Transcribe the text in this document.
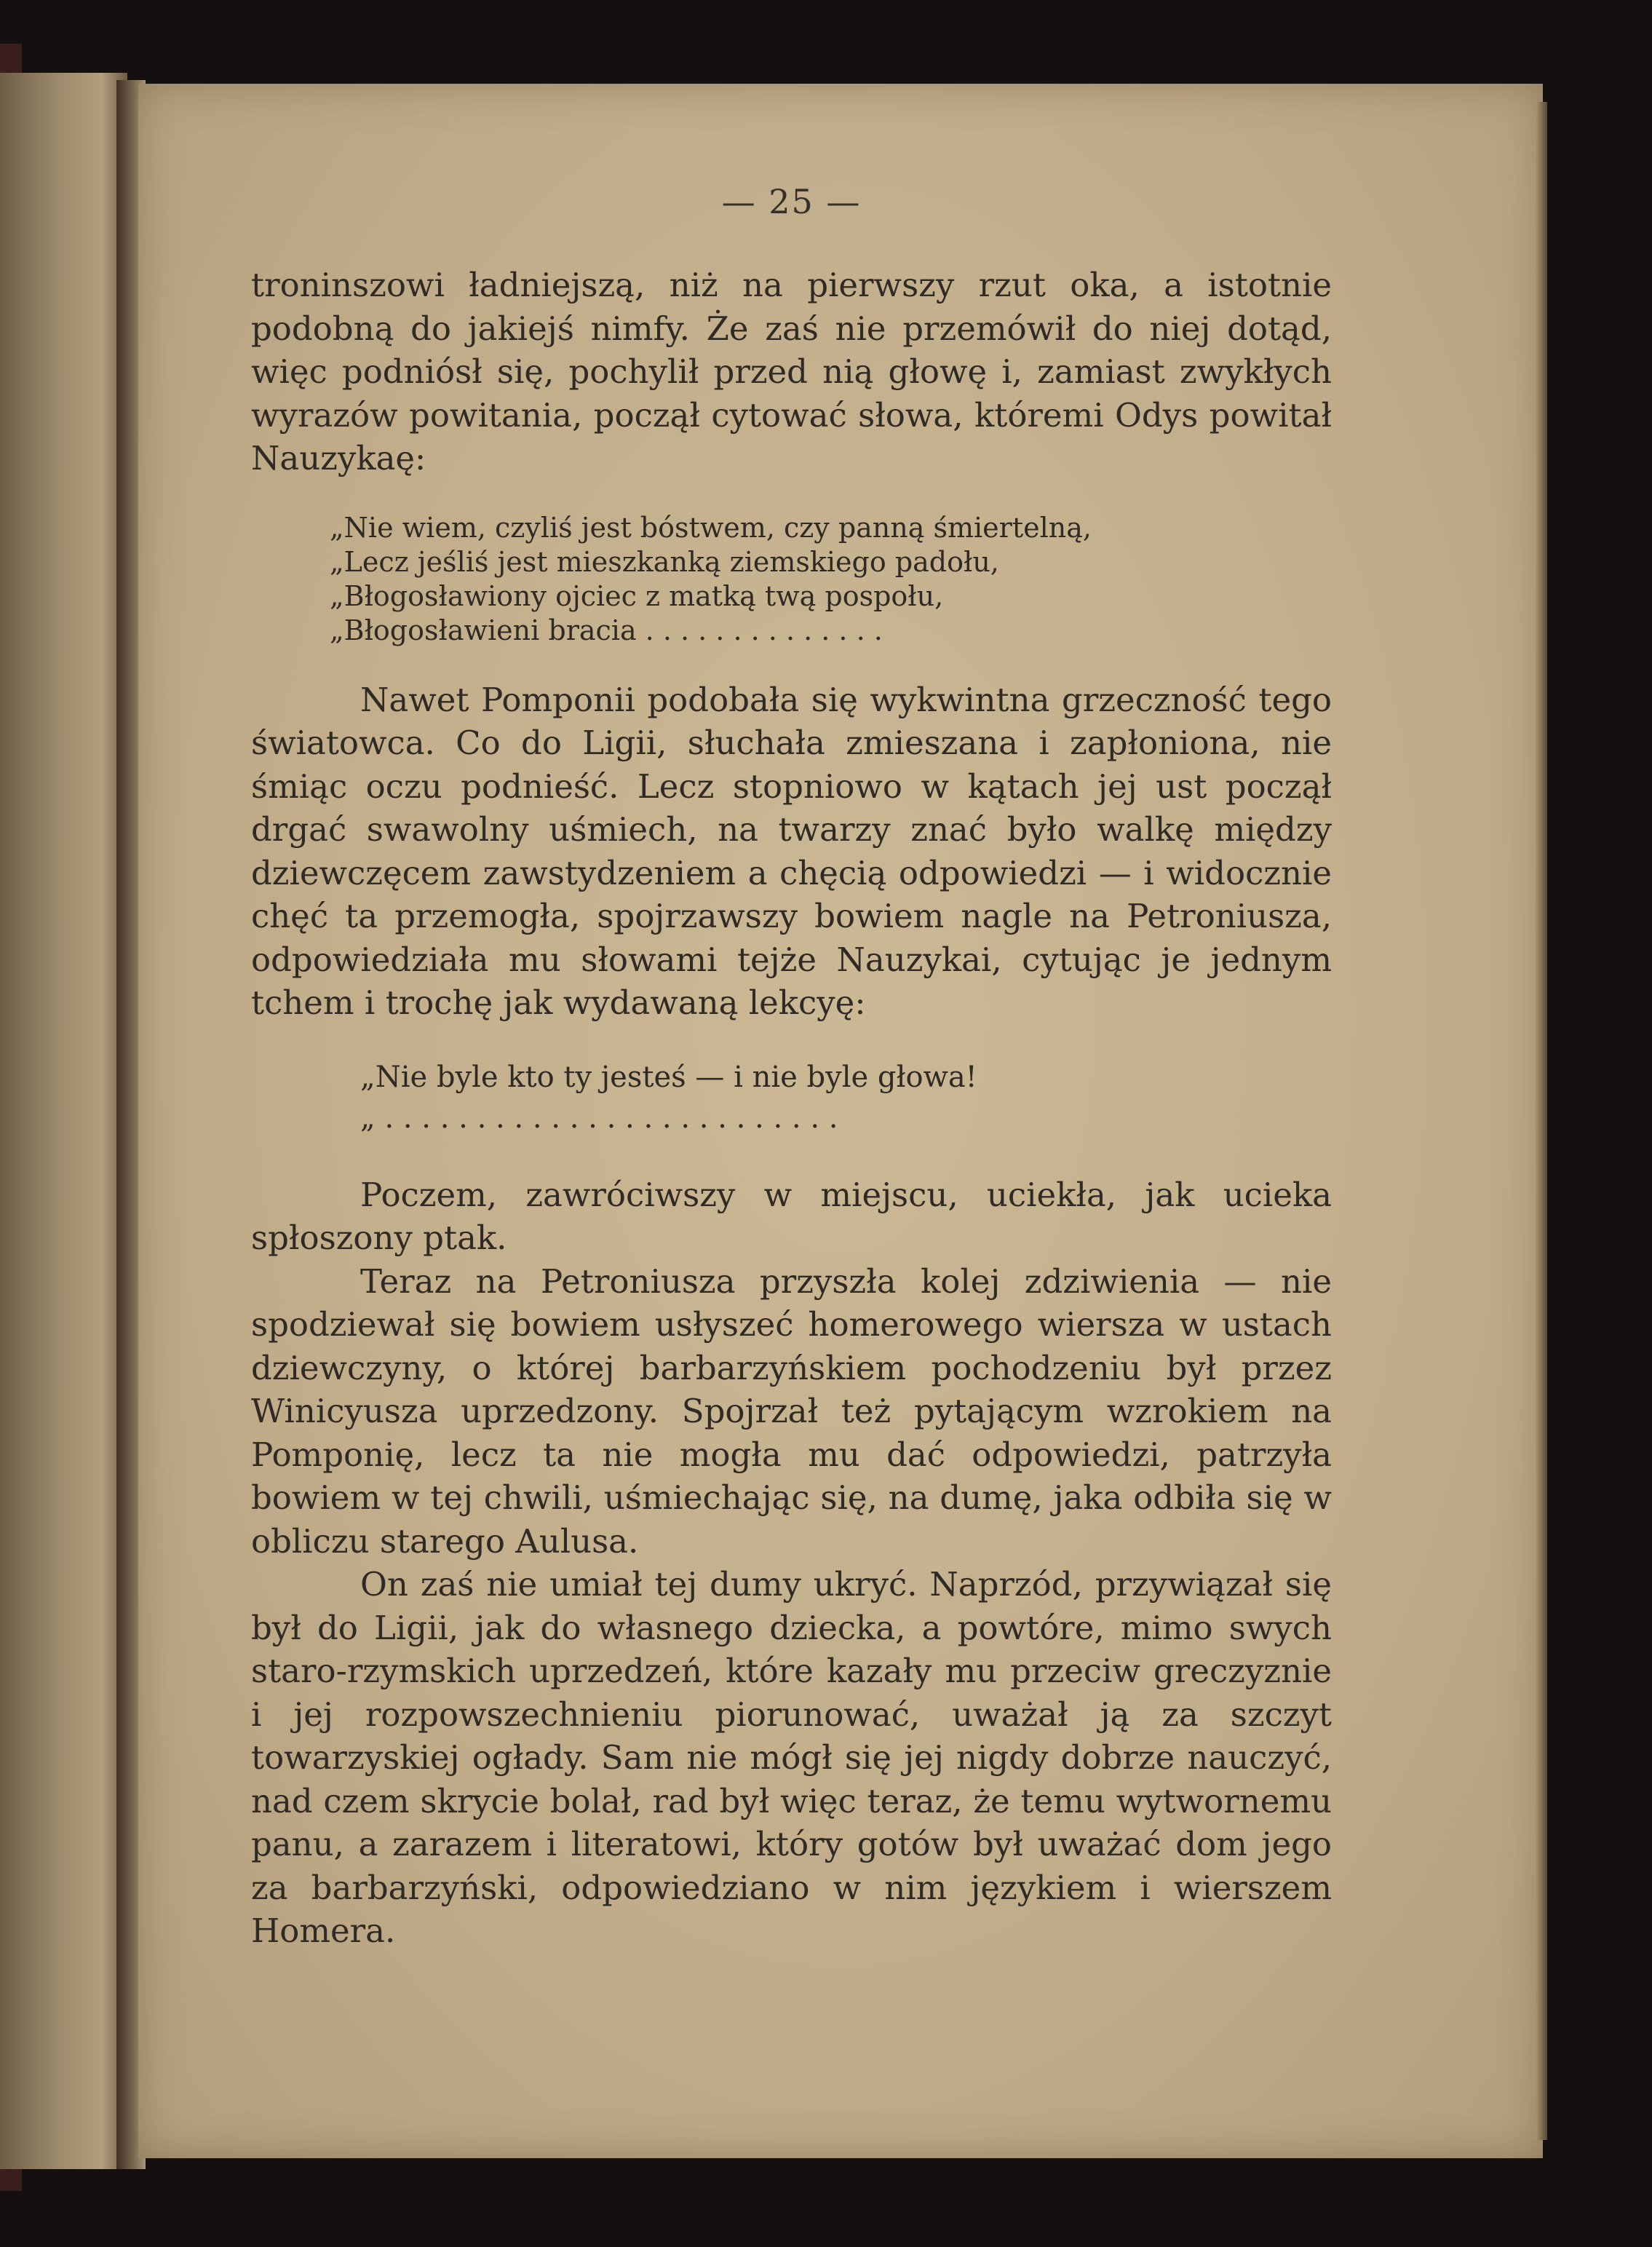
— 25 —

troninszowi ładniejszą, niż na pierwszy rzut oka, a istotnie podobną do jakiejś nimfy. Że zaś nie przemówił do niej dotąd, więc podniósł się, pochylił przed nią głowę i, zamiast zwykłych wyrazów powitania, począł cytować słowa, któremi Odys powitał Nauzykaę:

„Nie wiem, czyliś jest bóstwem, czy panną śmiertelną,
„Lecz jeśliś jest mieszkanką ziemskiego padołu,
„Błogosławiony ojciec z matką twą pospołu,
„Błogosławieni bracia . . . . . . . . . . . . . .

Nawet Pomponii podobała się wykwintna grzeczność tego światowca. Co do Ligii, słuchała zmieszana i zapłoniona, nie śmiąc oczu podnieść. Lecz stopniowo w kątach jej ust począł drgać swawolny uśmiech, na twarzy znać było walkę między dziewczęcem zawstydzeniem a chęcią odpowiedzi — i widocznie chęć ta przemogła, spojrzawszy bowiem nagle na Petroniusza, odpowiedziała mu słowami tejże Nauzykai, cytując je jednym tchem i trochę jak wydawaną lekcyę:

„Nie byle kto ty jesteś — i nie byle głowa!
„ . . . . . . . . . . . . . . . . . . . . . . . . .

Poczem, zawróciwszy w miejscu, uciekła, jak ucieka spłoszony ptak.

Teraz na Petroniusza przyszła kolej zdziwienia — nie spodziewał się bowiem usłyszeć homerowego wiersza w ustach dziewczyny, o której barbarzyńskiem pochodzeniu był przez Winicyusza uprzedzony. Spojrzał też pytającym wzrokiem na Pomponię, lecz ta nie mogła mu dać odpowiedzi, patrzyła bowiem w tej chwili, uśmiechając się, na dumę, jaka odbiła się w obliczu starego Aulusa.

On zaś nie umiał tej dumy ukryć. Naprzód, przywiązał się był do Ligii, jak do własnego dziecka, a powtóre, mimo swych staro-rzymskich uprzedzeń, które kazały mu przeciw greczyznie i jej rozpowszechnieniu piorunować, uważał ją za szczyt towarzyskiej ogłady. Sam nie mógł się jej nigdy dobrze nauczyć, nad czem skrycie bolał, rad był więc teraz, że temu wytwornemu panu, a zarazem i literatowi, który gotów był uważać dom jego za barbarzyński, odpowiedziano w nim językiem i wierszem Homera.
